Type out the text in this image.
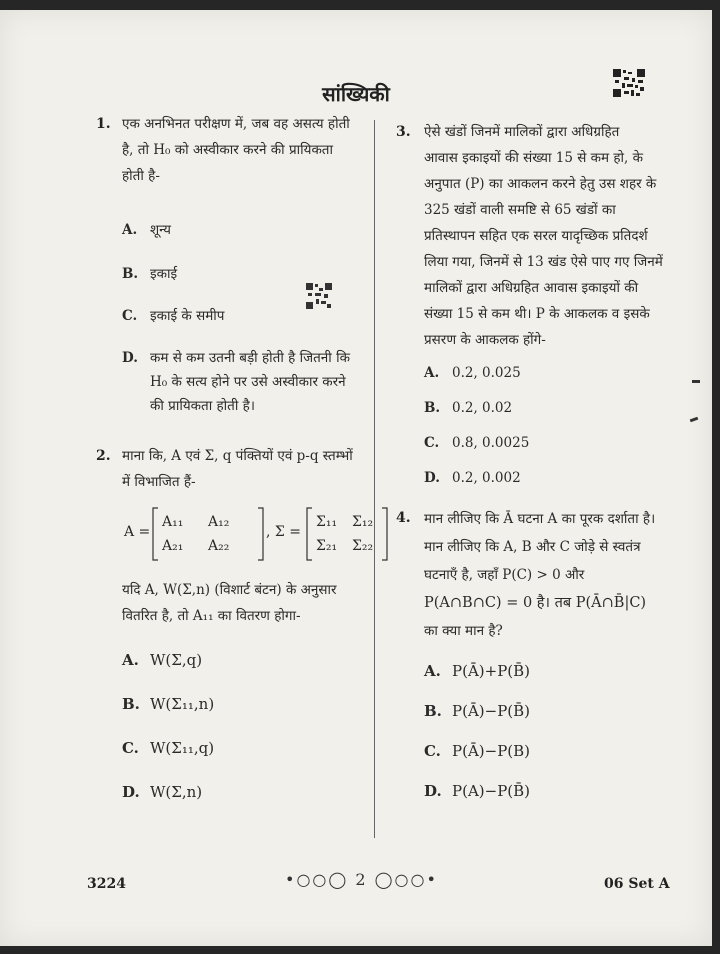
सांख्यिकी
1. एक अनभिनत परीक्षण में, जब वह असत्य होती
है, तो H₀ को अस्वीकार करने की प्रायिकता
होती है-
A. शून्य
B. इकाई
C. इकाई के समीप
D. कम से कम उतनी बड़ी होती है जितनी कि
H₀ के सत्य होने पर उसे अस्वीकार करने
की प्रायिकता होती है।
2. माना कि, A एवं Σ, q पंक्तियों एवं p-q स्तम्भों
में विभाजित हैं-
A =
A₁₁ A₁₂
A₂₁ A₂₂
, Σ =
Σ₁₁ Σ₁₂
Σ₂₁ Σ₂₂
यदि A, W(Σ,n) (विशार्ट बंटन) के अनुसार
वितरित है, तो A₁₁ का वितरण होगा-
A. W(Σ,q)
B. W(Σ₁₁,n)
C. W(Σ₁₁,q)
D. W(Σ,n)
3. ऐसे खंडों जिनमें मालिकों द्वारा अधिग्रहित
आवास इकाइयों की संख्या 15 से कम हो, के
अनुपात (P) का आकलन करने हेतु उस शहर के
325 खंडों वाली समष्टि से 65 खंडों का
प्रतिस्थापन सहित एक सरल यादृच्छिक प्रतिदर्श
लिया गया, जिनमें से 13 खंड ऐसे पाए गए जिनमें
मालिकों द्वारा अधिग्रहित आवास इकाइयों की
संख्या 15 से कम थी। P के आकलक व इसके
प्रसरण के आकलक होंगे-
A. 0.2, 0.025
B. 0.2, 0.02
C. 0.8, 0.0025
D. 0.2, 0.002
4. मान लीजिए कि Ā घटना A का पूरक दर्शाता है।
मान लीजिए कि A, B और C जोड़े से स्वतंत्र
घटनाएँ है, जहाँ P(C) > 0 और
P(A∩B∩C) = 0 है। तब P(Ā∩B̄|C)
का क्या मान है?
A. P(Ā)+P(B̄)
B. P(Ā)−P(B̄)
C. P(Ā)−P(B)
D. P(A)−P(B̄)
3224	•○○◯ 2 ◯○○•	06 Set A
